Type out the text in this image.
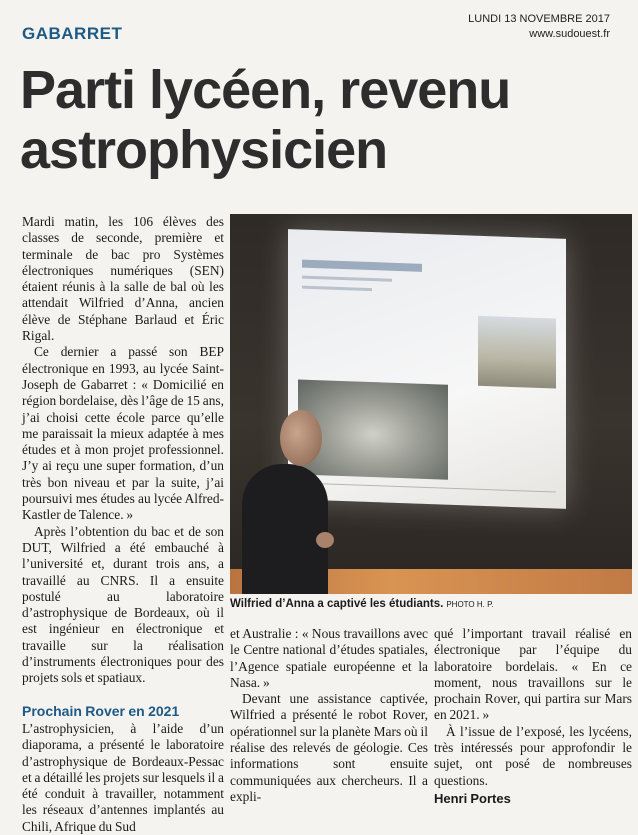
GABARRET
LUNDI 13 NOVEMBRE 2017
www.sudouest.fr
Parti lycéen, revenu astrophysicien

Mardi matin, les 106 élèves des classes de seconde, première et terminale de bac pro Systèmes électroniques numériques (SEN) étaient réunis à la salle de bal où les attendait Wilfried d’Anna, ancien élève de Stéphane Barlaud et Éric Rigal.

Ce dernier a passé son BEP électronique en 1993, au lycée Saint-Joseph de Gabarret : « Domicilié en région bordelaise, dès l’âge de 15 ans, j’ai choisi cette école parce qu’elle me paraissait la mieux adaptée à mes études et à mon projet professionnel. J’y ai reçu une super formation, d’un très bon niveau et par la suite, j’ai poursuivi mes études au lycée Alfred-Kastler de Talence. »

Après l’obtention du bac et de son DUT, Wilfried a été embauché à l’université et, durant trois ans, a travaillé au CNRS. Il a ensuite postulé au laboratoire d’astrophysique de Bordeaux, où il est ingénieur en électronique et travaille sur la réalisation d’instruments électroniques pour des projets sols et spatiaux.

Prochain Rover en 2021

L’astrophysicien, à l’aide d’un diaporama, a présenté le laboratoire d’astrophysique de Bordeaux-Pessac et a détaillé les projets sur lesquels il a été conduit à travailler, notamment les réseaux d’antennes implantés au Chili, Afrique du Sud

Wilfried d’Anna a captivé les étudiants. PHOTO H. P.

et Australie : « Nous travaillons avec le Centre national d’études spatiales, l’Agence spatiale européenne et la Nasa. »

Devant une assistance captivée, Wilfried a présenté le robot Rover, opérationnel sur la planète Mars où il réalise des relevés de géologie. Ces informations sont ensuite communiquées aux chercheurs. Il a expli-

qué l’important travail réalisé en électronique par l’équipe du laboratoire bordelais. « En ce moment, nous travaillons sur le prochain Rover, qui partira sur Mars en 2021. »

À l’issue de l’exposé, les lycéens, très intéressés pour approfondir le sujet, ont posé de nombreuses questions.

Henri Portes
